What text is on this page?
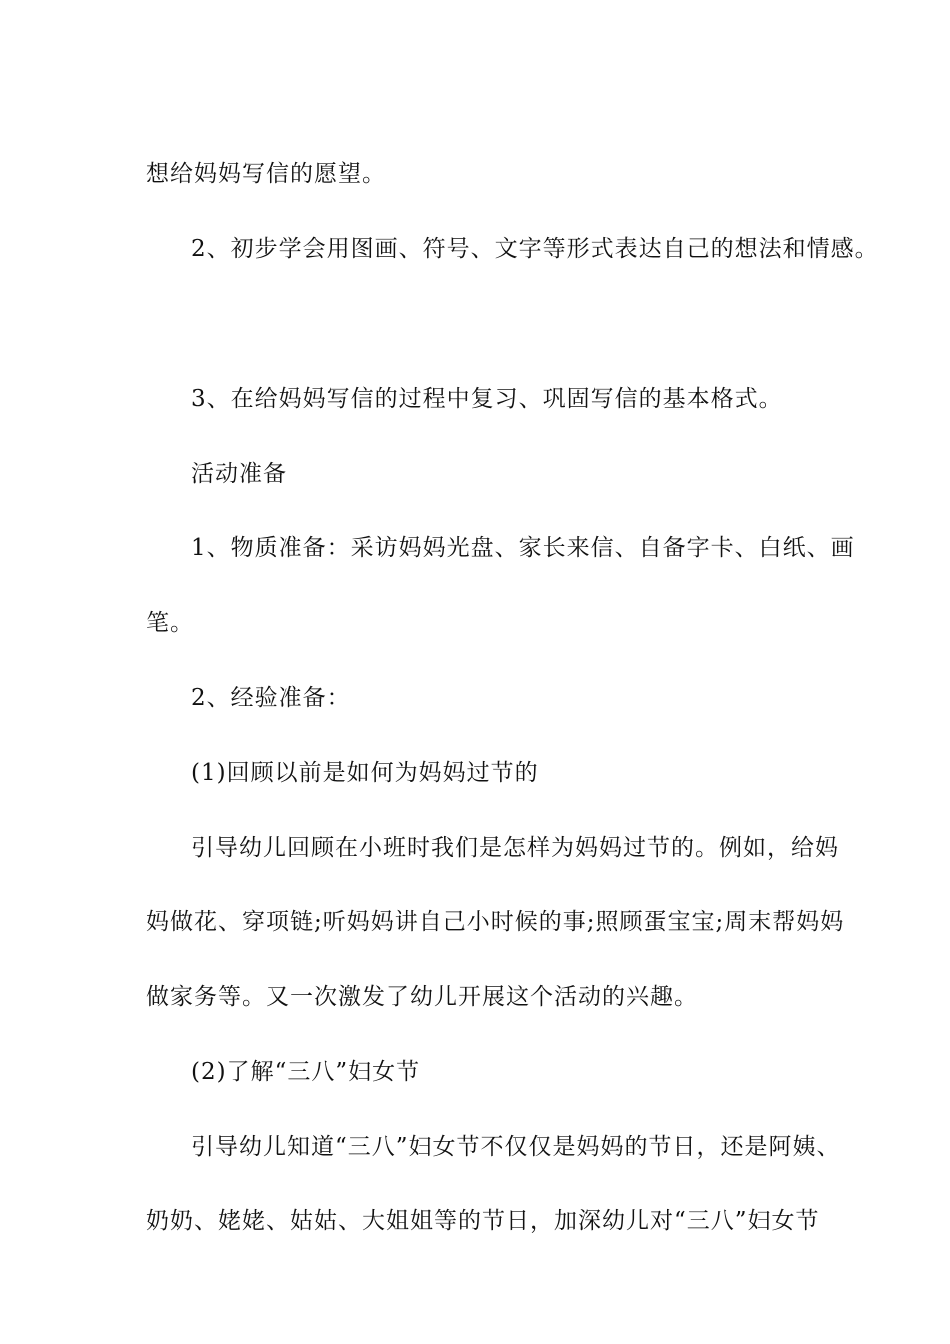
想给妈妈写信的愿望。

2、初步学会用图画、符号、文字等形式表达自己的想法和情感。

3、在给妈妈写信的过程中复习、巩固写信的基本格式。

活动准备

1、物质准备：采访妈妈光盘、家长来信、自备字卡、白纸、画

笔。

2、经验准备：

(1)回顾以前是如何为妈妈过节的

引导幼儿回顾在小班时我们是怎样为妈妈过节的。例如，给妈

妈做花、穿项链;听妈妈讲自己小时候的事;照顾蛋宝宝;周末帮妈妈

做家务等。又一次激发了幼儿开展这个活动的兴趣。

(2)了解“三八”妇女节

引导幼儿知道“三八”妇女节不仅仅是妈妈的节日，还是阿姨、

奶奶、姥姥、姑姑、大姐姐等的节日，加深幼儿对“三八”妇女节
